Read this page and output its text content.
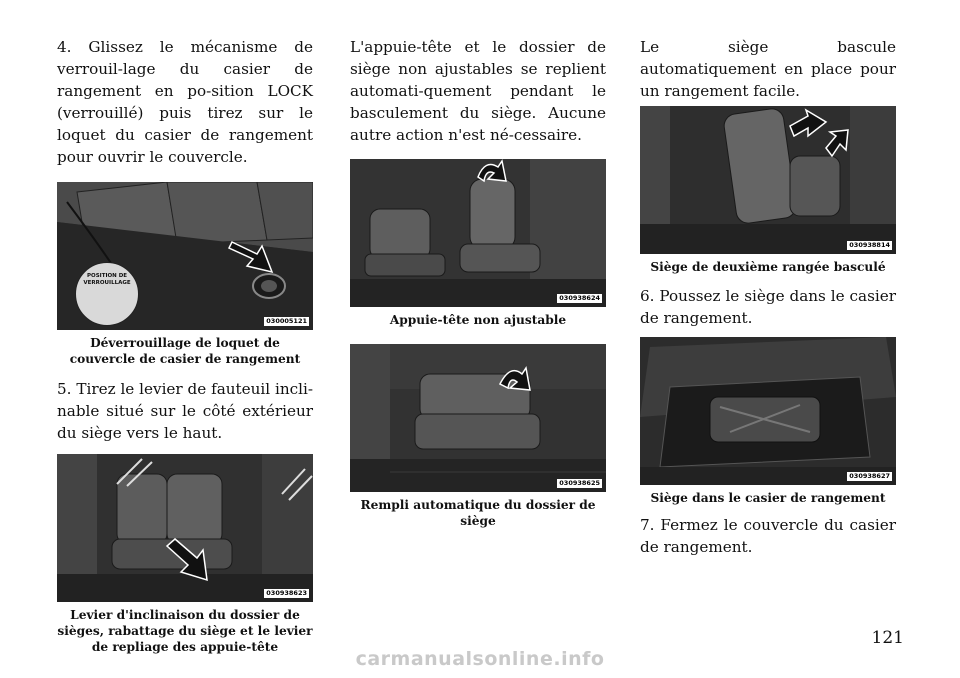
4. Glissez le mécanisme de verrouil-lage du casier de rangement en po-sition LOCK (verrouillé) puis tirez sur le loquet du casier de rangement pour ouvrir le couvercle.

POSITION DE VERROUILLAGE
030005121
Déverrouillage de loquet de couvercle de casier de rangement

5. Tirez le levier de fauteuil incli-nable situé sur le côté extérieur du siège vers le haut.

030938623
Levier d'inclinaison du dossier de sièges, rabattage du siège et le levier de repliage des appuie-tête

L'appuie-tête et le dossier de siège non ajustables se replient automati-quement pendant le basculement du siège. Aucune autre action n'est né-cessaire.

030938624
Appuie-tête non ajustable
030938625
Rempli automatique du dossier de siège

Le siège bascule automatiquement en place pour un rangement facile.

030938814
Siège de deuxième rangée basculé

6. Poussez le siège dans le casier de rangement.

030938627
Siège dans le casier de rangement

7. Fermez le couvercle du casier de rangement.

121
carmanualsonline.info
